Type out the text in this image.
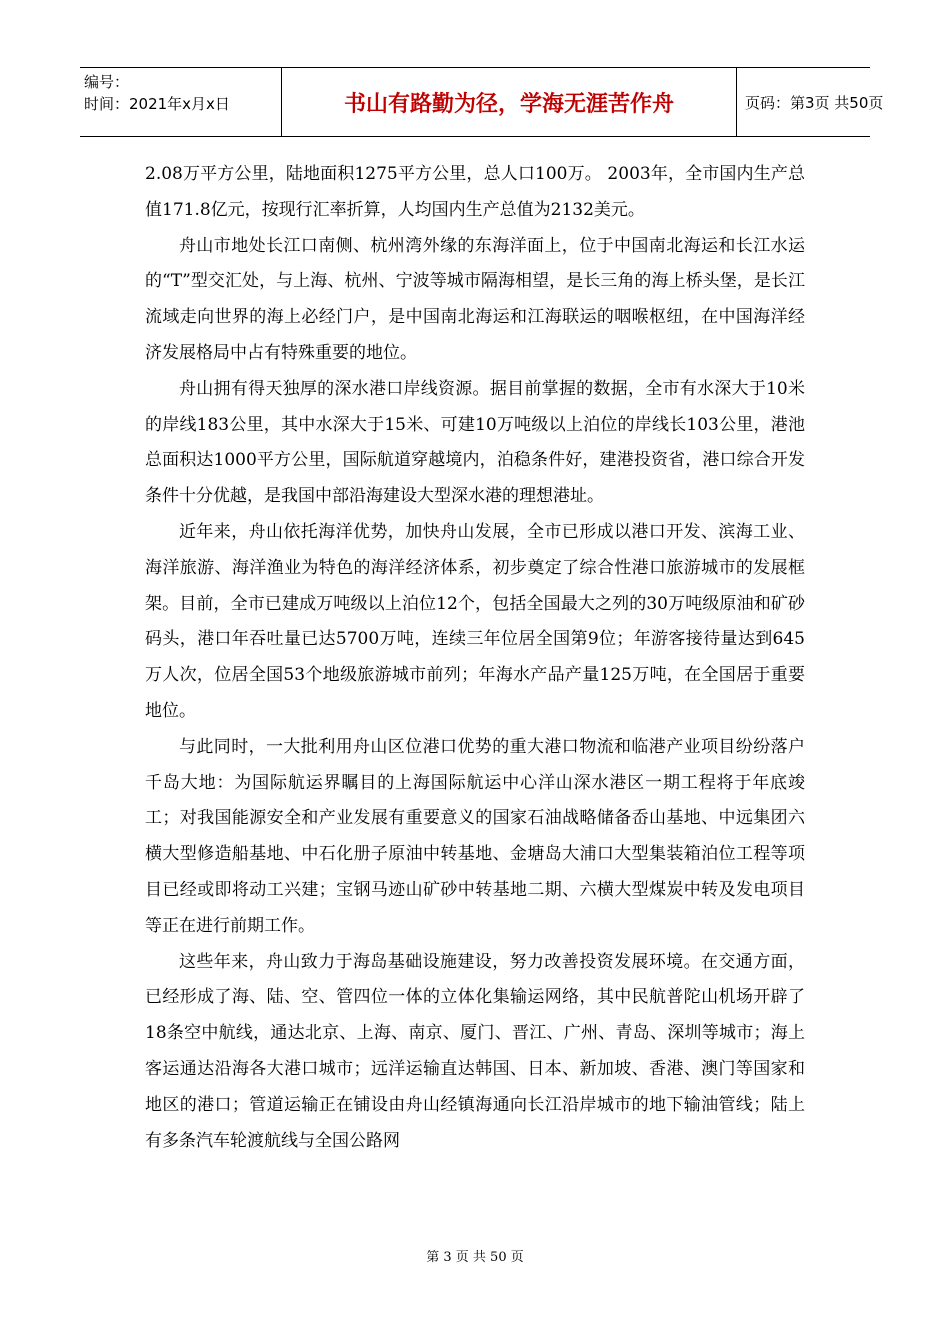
编号：
时间：2021年x月x日	书山有路勤为径，学海无涯苦作舟	页码：第3页 共50页

2.08万平方公里，陆地面积1275平方公里，总人口100万。 2003年，全市国内生产总值171.8亿元，按现行汇率折算，人均国内生产总值为2132美元。

舟山市地处长江口南侧、杭州湾外缘的东海洋面上，位于中国南北海运和长江水运的“T”型交汇处，与上海、杭州、宁波等城市隔海相望，是长三角的海上桥头堡，是长江流域走向世界的海上必经门户，是中国南北海运和江海联运的咽喉枢纽，在中国海洋经济发展格局中占有特殊重要的地位。

舟山拥有得天独厚的深水港口岸线资源。据目前掌握的数据，全市有水深大于10米的岸线183公里，其中水深大于15米、可建10万吨级以上泊位的岸线长103公里，港池总面积达1000平方公里，国际航道穿越境内，泊稳条件好，建港投资省，港口综合开发条件十分优越，是我国中部沿海建设大型深水港的理想港址。

近年来，舟山依托海洋优势，加快舟山发展，全市已形成以港口开发、滨海工业、海洋旅游、海洋渔业为特色的海洋经济体系，初步奠定了综合性港口旅游城市的发展框架。目前，全市已建成万吨级以上泊位12个，包括全国最大之列的30万吨级原油和矿砂码头，港口年吞吐量已达5700万吨，连续三年位居全国第9位；年游客接待量达到645万人次，位居全国53个地级旅游城市前列；年海水产品产量125万吨，在全国居于重要地位。

与此同时，一大批利用舟山区位港口优势的重大港口物流和临港产业项目纷纷落户千岛大地：为国际航运界瞩目的上海国际航运中心洋山深水港区一期工程将于年底竣工；对我国能源安全和产业发展有重要意义的国家石油战略储备岙山基地、中远集团六横大型修造船基地、中石化册子原油中转基地、金塘岛大浦口大型集装箱泊位工程等项目已经或即将动工兴建；宝钢马迹山矿砂中转基地二期、六横大型煤炭中转及发电项目等正在进行前期工作。

这些年来，舟山致力于海岛基础设施建设，努力改善投资发展环境。在交通方面，已经形成了海、陆、空、管四位一体的立体化集输运网络，其中民航普陀山机场开辟了18条空中航线，通达北京、上海、南京、厦门、晋江、广州、青岛、深圳等城市；海上客运通达沿海各大港口城市；远洋运输直达韩国、日本、新加坡、香港、澳门等国家和地区的港口；管道运输正在铺设由舟山经镇海通向长江沿岸城市的地下输油管线；陆上有多条汽车轮渡航线与全国公路网

第 3 页 共 50 页
